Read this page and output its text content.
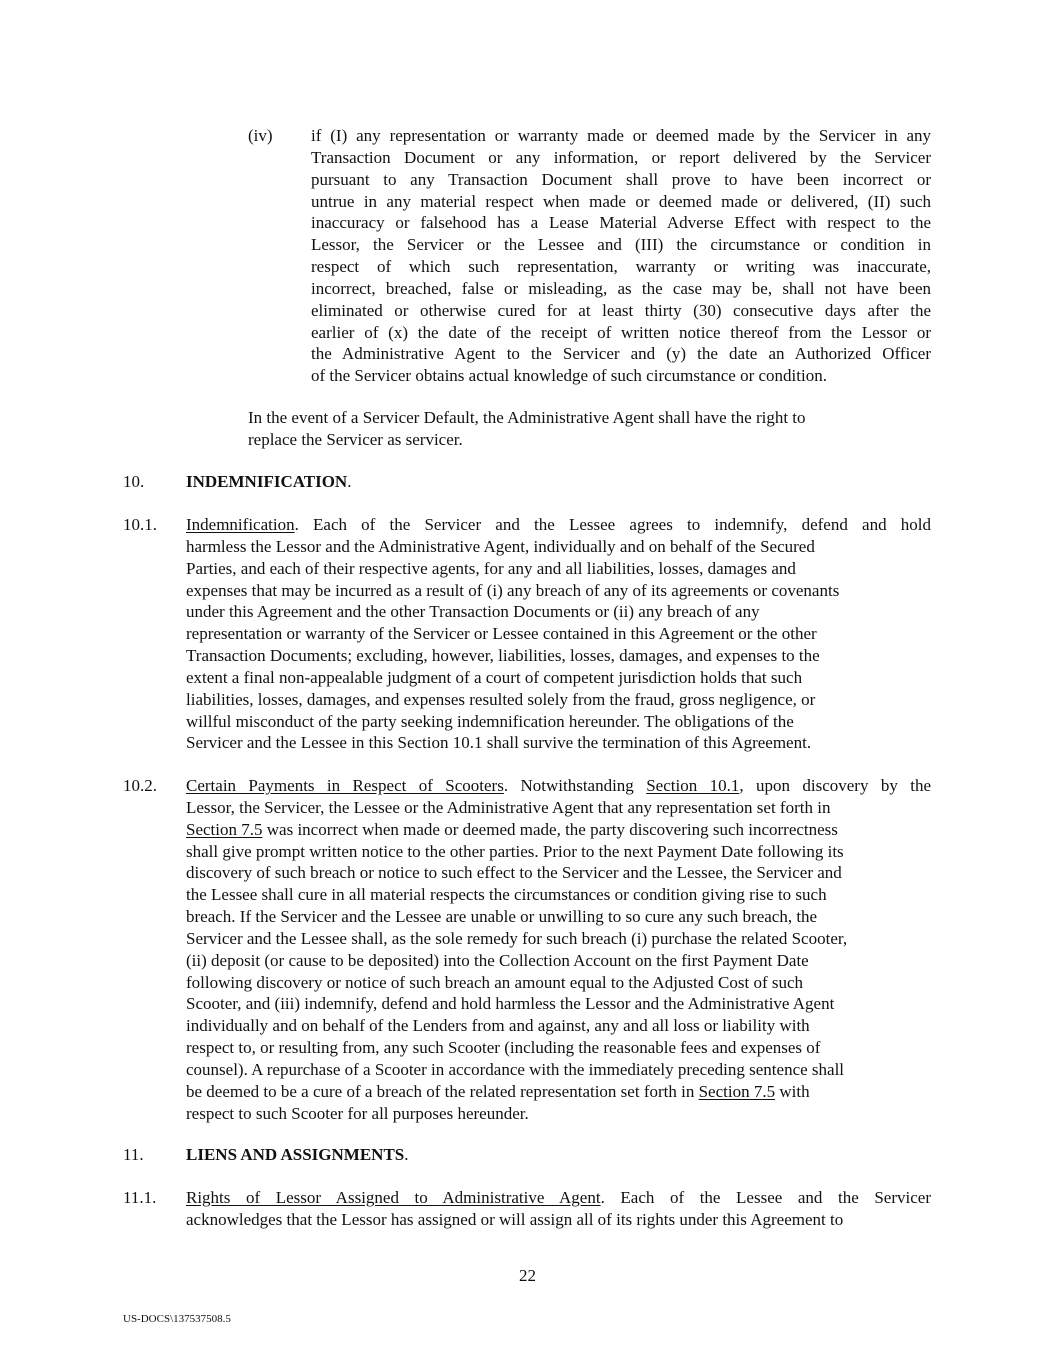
(iv) if (I) any representation or warranty made or deemed made by the Servicer in any
Transaction Document or any information, or report delivered by the Servicer
pursuant to any Transaction Document shall prove to have been incorrect or
untrue in any material respect when made or deemed made or delivered, (II) such
inaccuracy or falsehood has a Lease Material Adverse Effect with respect to the
Lessor, the Servicer or the Lessee and (III) the circumstance or condition in
respect of which such representation, warranty or writing was inaccurate,
incorrect, breached, false or misleading, as the case may be, shall not have been
eliminated or otherwise cured for at least thirty (30) consecutive days after the
earlier of (x) the date of the receipt of written notice thereof from the Lessor or
the Administrative Agent to the Servicer and (y) the date an Authorized Officer
of the Servicer obtains actual knowledge of such circumstance or condition.
In the event of a Servicer Default, the Administrative Agent shall have the right to
replace the Servicer as servicer.
10. INDEMNIFICATION.
10.1. Indemnification. Each of the Servicer and the Lessee agrees to indemnify, defend and hold
harmless the Lessor and the Administrative Agent, individually and on behalf of the Secured
Parties, and each of their respective agents, for any and all liabilities, losses, damages and
expenses that may be incurred as a result of (i) any breach of any of its agreements or covenants
under this Agreement and the other Transaction Documents or (ii) any breach of any
representation or warranty of the Servicer or Lessee contained in this Agreement or the other
Transaction Documents; excluding, however, liabilities, losses, damages, and expenses to the
extent a final non-appealable judgment of a court of competent jurisdiction holds that such
liabilities, losses, damages, and expenses resulted solely from the fraud, gross negligence, or
willful misconduct of the party seeking indemnification hereunder. The obligations of the
Servicer and the Lessee in this Section 10.1 shall survive the termination of this Agreement.
10.2. Certain Payments in Respect of Scooters. Notwithstanding Section 10.1, upon discovery by the
Lessor, the Servicer, the Lessee or the Administrative Agent that any representation set forth in
Section 7.5 was incorrect when made or deemed made, the party discovering such incorrectness
shall give prompt written notice to the other parties. Prior to the next Payment Date following its
discovery of such breach or notice to such effect to the Servicer and the Lessee, the Servicer and
the Lessee shall cure in all material respects the circumstances or condition giving rise to such
breach. If the Servicer and the Lessee are unable or unwilling to so cure any such breach, the
Servicer and the Lessee shall, as the sole remedy for such breach (i) purchase the related Scooter,
(ii) deposit (or cause to be deposited) into the Collection Account on the first Payment Date
following discovery or notice of such breach an amount equal to the Adjusted Cost of such
Scooter, and (iii) indemnify, defend and hold harmless the Lessor and the Administrative Agent
individually and on behalf of the Lenders from and against, any and all loss or liability with
respect to, or resulting from, any such Scooter (including the reasonable fees and expenses of
counsel). A repurchase of a Scooter in accordance with the immediately preceding sentence shall
be deemed to be a cure of a breach of the related representation set forth in Section 7.5 with
respect to such Scooter for all purposes hereunder.
11. LIENS AND ASSIGNMENTS.
11.1. Rights of Lessor Assigned to Administrative Agent. Each of the Lessee and the Servicer
acknowledges that the Lessor has assigned or will assign all of its rights under this Agreement to
22
US-DOCS\137537508.5
